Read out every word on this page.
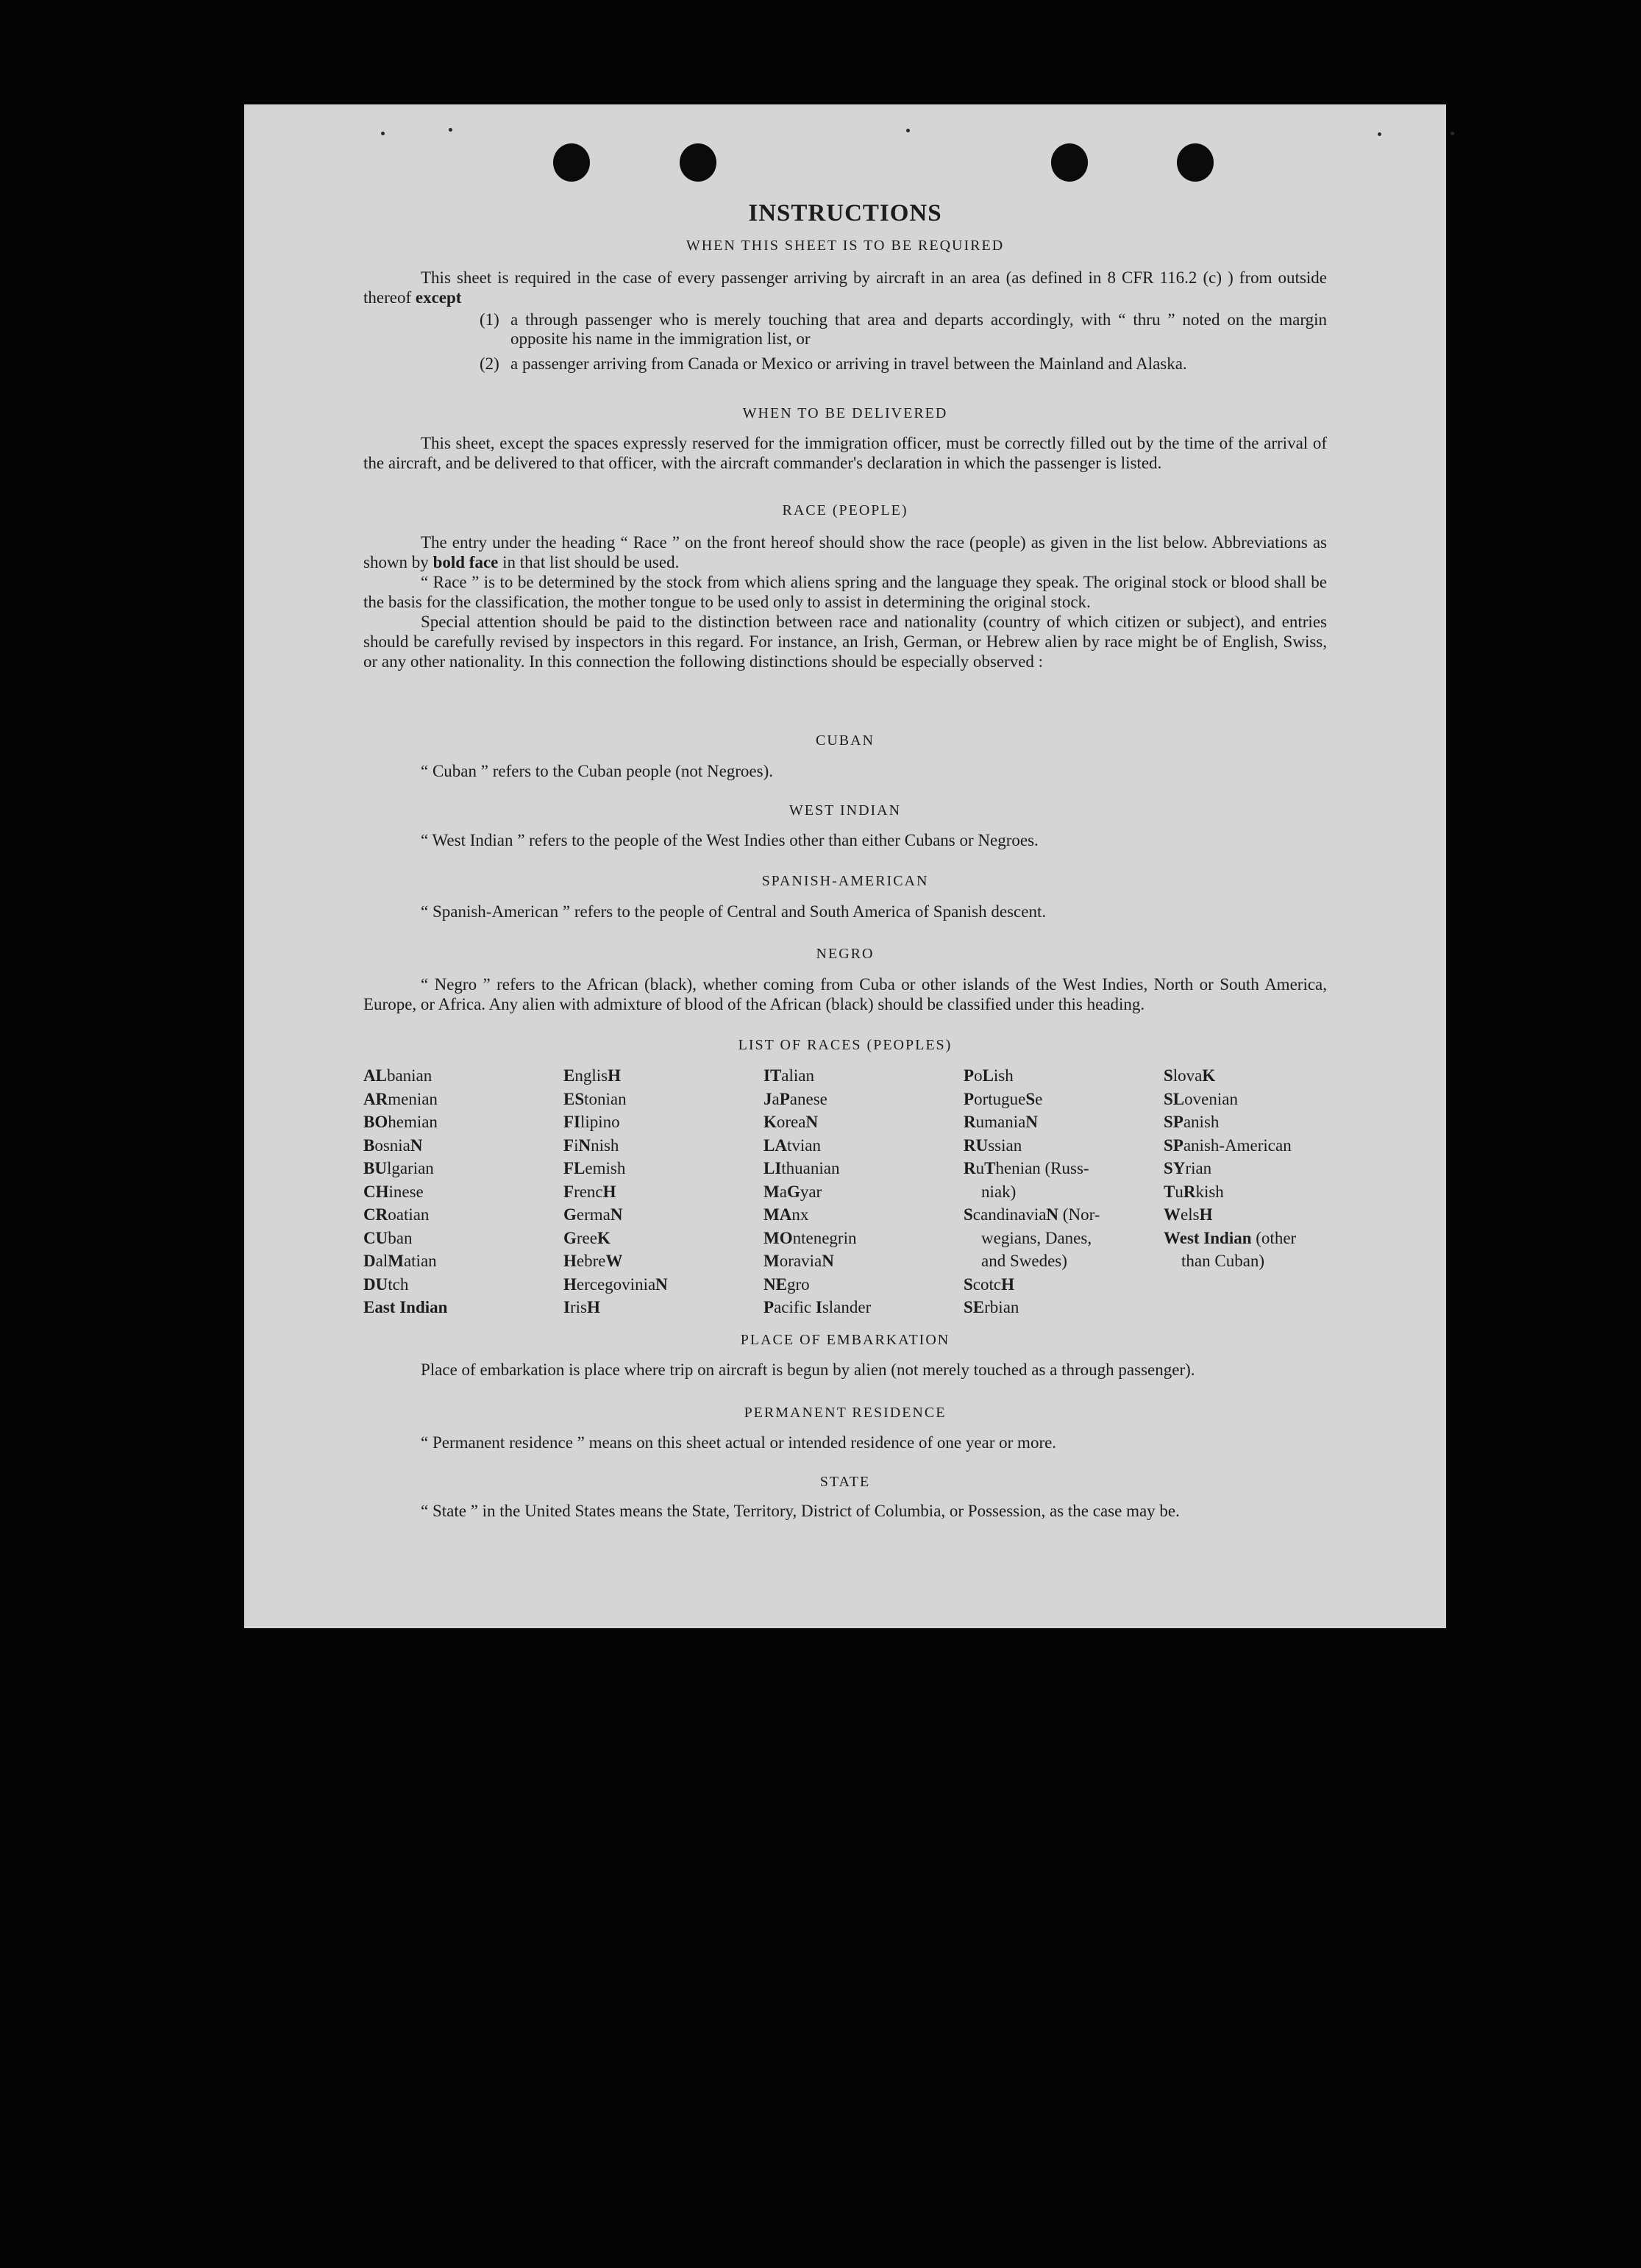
INSTRUCTIONS
WHEN THIS SHEET IS TO BE REQUIRED

This sheet is required in the case of every passenger arriving by aircraft in an area (as defined in 8 CFR 116.2 (c) ) from outside thereof except

(1) a through passenger who is merely touching that area and departs accordingly, with “ thru ” noted on the margin opposite his name in the immigration list, or
(2) a passenger arriving from Canada or Mexico or arriving in travel between the Mainland and Alaska.
WHEN TO BE DELIVERED

This sheet, except the spaces expressly reserved for the immigration officer, must be correctly filled out by the time of the arrival of the aircraft, and be delivered to that officer, with the aircraft commander's declaration in which the passenger is listed.

RACE (PEOPLE)

The entry under the heading “ Race ” on the front hereof should show the race (people) as given in the list below. Abbreviations as shown by bold face in that list should be used.

“ Race ” is to be determined by the stock from which aliens spring and the language they speak. The original stock or blood shall be the basis for the classification, the mother tongue to be used only to assist in determining the original stock.

Special attention should be paid to the distinction between race and nationality (country of which citizen or subject), and entries should be carefully revised by inspectors in this regard. For instance, an Irish, German, or Hebrew alien by race might be of English, Swiss, or any other nationality. In this connection the following distinctions should be especially observed :

CUBAN

“ Cuban ” refers to the Cuban people (not Negroes).

WEST INDIAN

“ West Indian ” refers to the people of the West Indies other than either Cubans or Negroes.

SPANISH-AMERICAN

“ Spanish-American ” refers to the people of Central and South America of Spanish descent.

NEGRO

“ Negro ” refers to the African (black), whether coming from Cuba or other islands of the West Indies, North or South America, Europe, or Africa. Any alien with admixture of blood of the African (black) should be classified under this heading.

LIST OF RACES (PEOPLES)
ALbanian
ARmenian
BOhemian
BosniaN
BUlgarian
CHinese
CRoatian
CUban
DalMatian
DUtch
East Indian
EnglisH
EStonian
FIlipino
FiNnish
FLemish
FrencH
GermaN
GreeK
HebreW
HercegoviniaN
IrisH
ITalian
JaPanese
KoreaN
LAtvian
LIthuanian
MaGyar
MAnx
MOntenegrin
MoraviaN
NEgro
Pacific Islander
PoLish
PortugueSe
RumaniaN
RUssian
RuThenian (Russ-
niak)
ScandinaviaN (Nor-
wegians, Danes,
and Swedes)
ScotcH
SErbian
SlovaK
SLovenian
SPanish
SPanish-American
SYrian
TuRkish
WelsH
West Indian (other
than Cuban)
PLACE OF EMBARKATION

Place of embarkation is place where trip on aircraft is begun by alien (not merely touched as a through passenger).

PERMANENT RESIDENCE

“ Permanent residence ” means on this sheet actual or intended residence of one year or more.

STATE

“ State ” in the United States means the State, Territory, District of Columbia, or Possession, as the case may be.
